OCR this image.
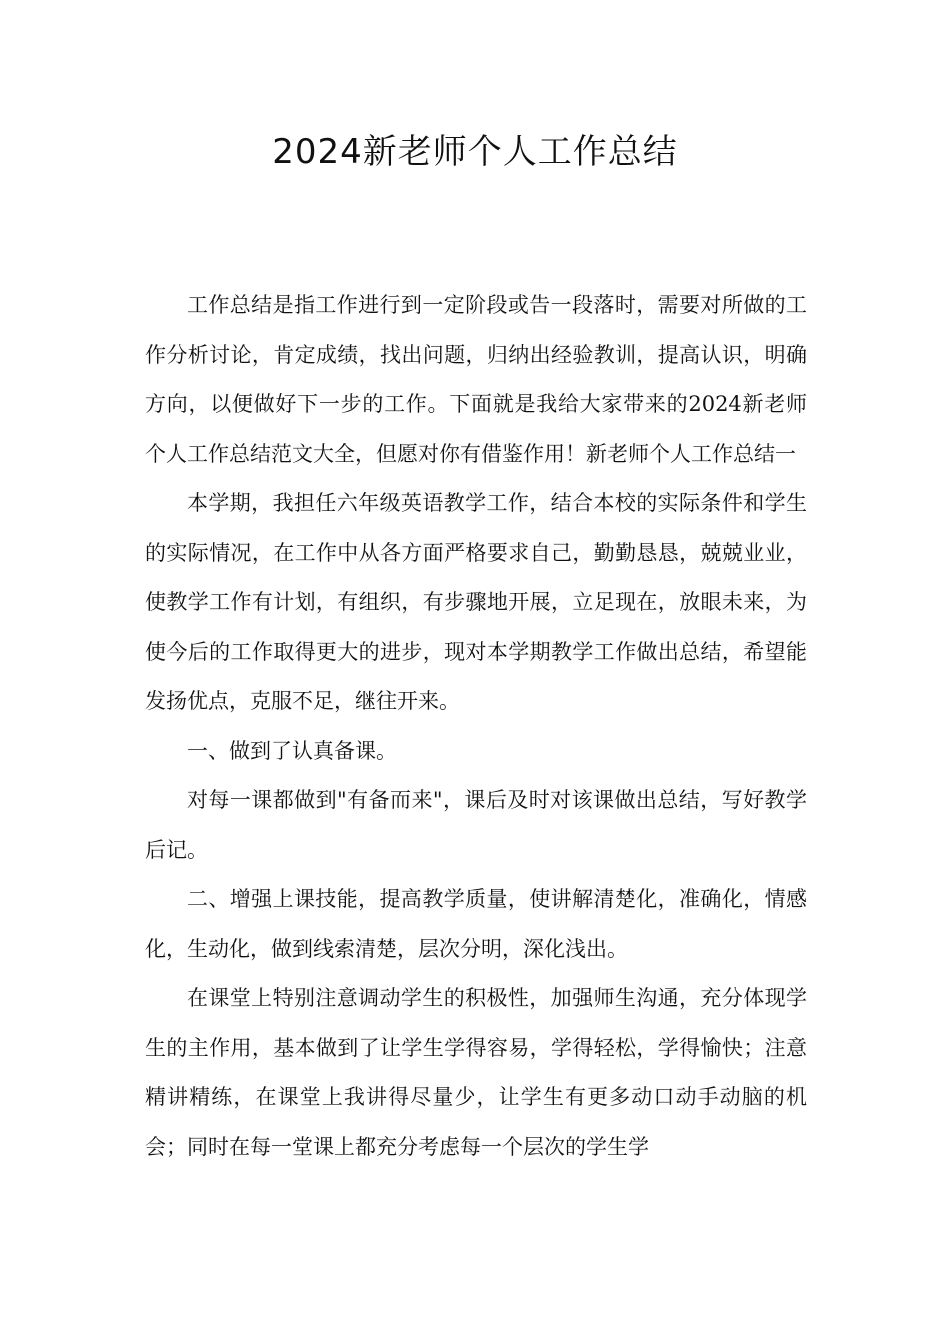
2024新老师个人工作总结

工作总结是指工作进行到一定阶段或告一段落时，需要对所做的工作分析讨论，肯定成绩，找出问题，归纳出经验教训，提高认识，明确方向，以便做好下一步的工作。下面就是我给大家带来的2024新老师个人工作总结范文大全，但愿对你有借鉴作用！新老师个人工作总结一

本学期，我担任六年级英语教学工作，结合本校的实际条件和学生的实际情况，在工作中从各方面严格要求自己，勤勤恳恳，兢兢业业，使教学工作有计划，有组织，有步骤地开展，立足现在，放眼未来，为使今后的工作取得更大的进步，现对本学期教学工作做出总结，希望能发扬优点，克服不足，继往开来。

一、做到了认真备课。

对每一课都做到"有备而来"，课后及时对该课做出总结，写好教学后记。

二、增强上课技能，提高教学质量，使讲解清楚化，准确化，情感化，生动化，做到线索清楚，层次分明，深化浅出。

在课堂上特别注意调动学生的积极性，加强师生沟通，充分体现学生的主作用，基本做到了让学生学得容易，学得轻松，学得愉快；注意精讲精练，在课堂上我讲得尽量少，让学生有更多动口动手动脑的机会；同时在每一堂课上都充分考虑每一个层次的学生学
